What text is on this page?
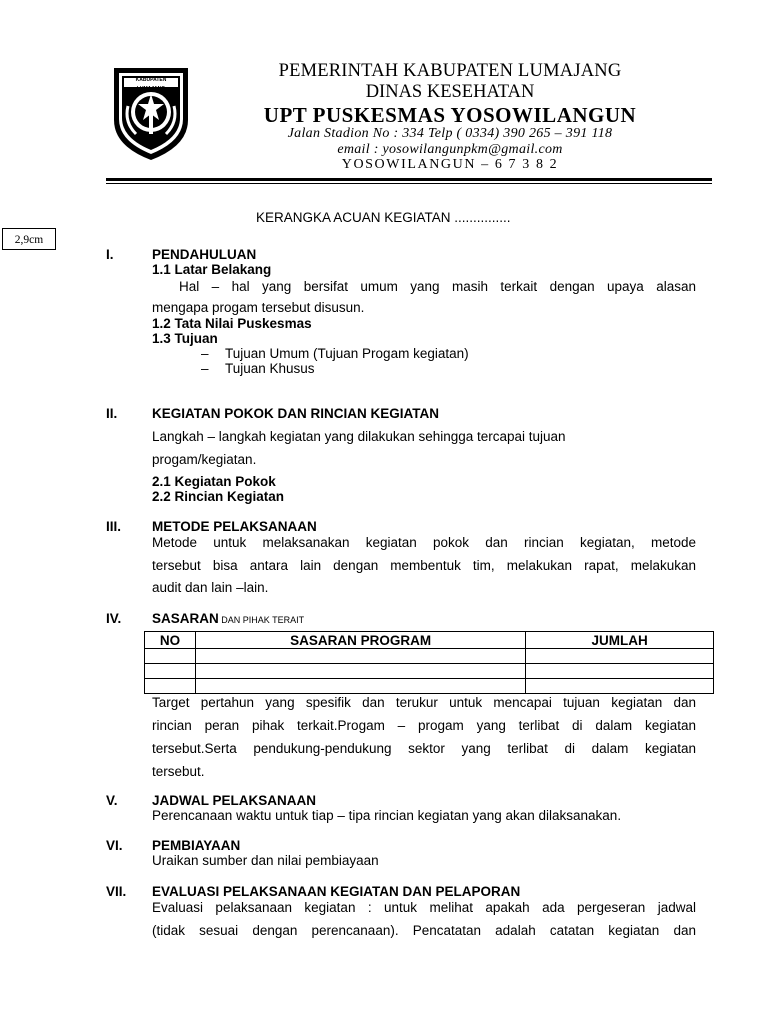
KABUPATEN LUMAJANG
PEMERINTAH KABUPATEN LUMAJANG
DINAS KESEHATAN
UPT PUSKESMAS YOSOWILANGUN
Jalan Stadion No : 334 Telp ( 0334) 390 265 – 391 118
email : yosowilangunpkm@gmail.com
YOSOWILANGUN – 6 7 3 8 2
2,9cm
KERANGKA ACUAN KEGIATAN ...............
I.	PENDAHULUAN
1.1 Latar Belakang
Hal – hal yang bersifat umum yang masih terkait dengan upaya alasan
mengapa progam tersebut disusun.
1.2 Tata Nilai Puskesmas
1.3 Tujuan
– Tujuan Umum (Tujuan Progam kegiatan)
– Tujuan Khusus
II.	KEGIATAN POKOK DAN RINCIAN KEGIATAN
Langkah – langkah kegiatan yang dilakukan sehingga tercapai tujuan
progam/kegiatan.
2.1 Kegiatan Pokok
2.2 Rincian Kegiatan
III. METODE PELAKSANAAN
Metode untuk melaksanakan kegiatan pokok dan rincian kegiatan, metode
tersebut bisa antara lain dengan membentuk tim, melakukan rapat, melakukan
audit dan lain –lain.
IV. SASARAN DAN PIHAK TERAIT
NO	SASARAN PROGRAM	JUMLAH

Target pertahun yang spesifik dan terukur untuk mencapai tujuan kegiatan dan
rincian peran pihak terkait.Progam – progam yang terlibat di dalam kegiatan
tersebut.Serta pendukung-pendukung sektor yang terlibat di dalam kegiatan
tersebut.
V.	JADWAL PELAKSANAAN
Perencanaan waktu untuk tiap – tipa rincian kegiatan yang akan dilaksanakan.
VI. PEMBIAYAAN
Uraikan sumber dan nilai pembiayaan
VII. EVALUASI PELAKSANAAN KEGIATAN DAN PELAPORAN
Evaluasi pelaksanaan kegiatan : untuk melihat apakah ada pergeseran jadwal
(tidak sesuai dengan perencanaan). Pencatatan adalah catatan kegiatan dan
